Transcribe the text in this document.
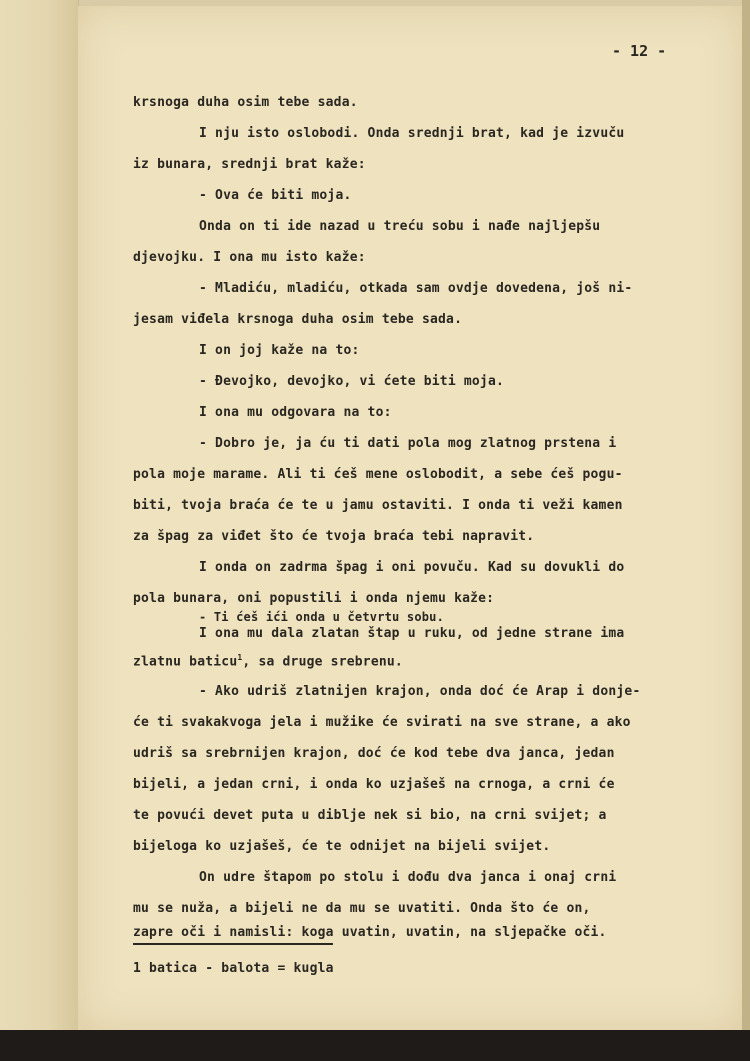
- 12 -
krsnoga duha osim tebe sada.
I nju isto oslobodi. Onda srednji brat, kad je izvuču
iz bunara, srednji brat kaže:
- Ova će biti moja.
Onda on ti ide nazad u treću sobu i nađe najljepšu
djevojku. I ona mu isto kaže:
- Mladiću, mladiću, otkada sam ovdje dovedena, još ni-
jesam viđela krsnoga duha osim tebe sada.
I on joj kaže na to:
- Đevojko, devojko, vi ćete biti moja.
I ona mu odgovara na to:
- Dobro je, ja ću ti dati pola mog zlatnog prstena i
pola moje marame. Ali ti ćeš mene oslobodit, a sebe ćeš pogu-
biti, tvoja braća će te u jamu ostaviti. I onda ti veži kamen
za špag za viđet što će tvoja braća tebi napravit.
I onda on zadrma špag i oni povuču. Kad su dovukli do
pola bunara, oni popustili i onda njemu kaže:
- Ti ćeš ići onda u četvrtu sobu.
I ona mu dala zlatan štap u ruku, od jedne strane ima
zlatnu baticu$^1$, sa druge srebrenu.
- Ako udriš zlatnijen krajon, onda doć će Arap i donje-
će ti svakakvoga jela i mužike će svirati na sve strane, a ako
udriš sa srebrnijen krajon, doć će kod tebe dva janca, jedan
bijeli, a jedan crni, i onda ko uzjašeš na crnoga, a crni će
te povući devet puta u diblje nek si bio, na crni svijet; a
bijeloga ko uzjašeš, će te odnijet na bijeli svijet.
On udre štapom po stolu i dođu dva janca i onaj crni
mu se nuža, a bijeli ne da mu se uvatiti. Onda što će on,
zapre oči i namisli: koga uvatin, uvatin, na sljepačke oči.
1 batica - balota = kugla
